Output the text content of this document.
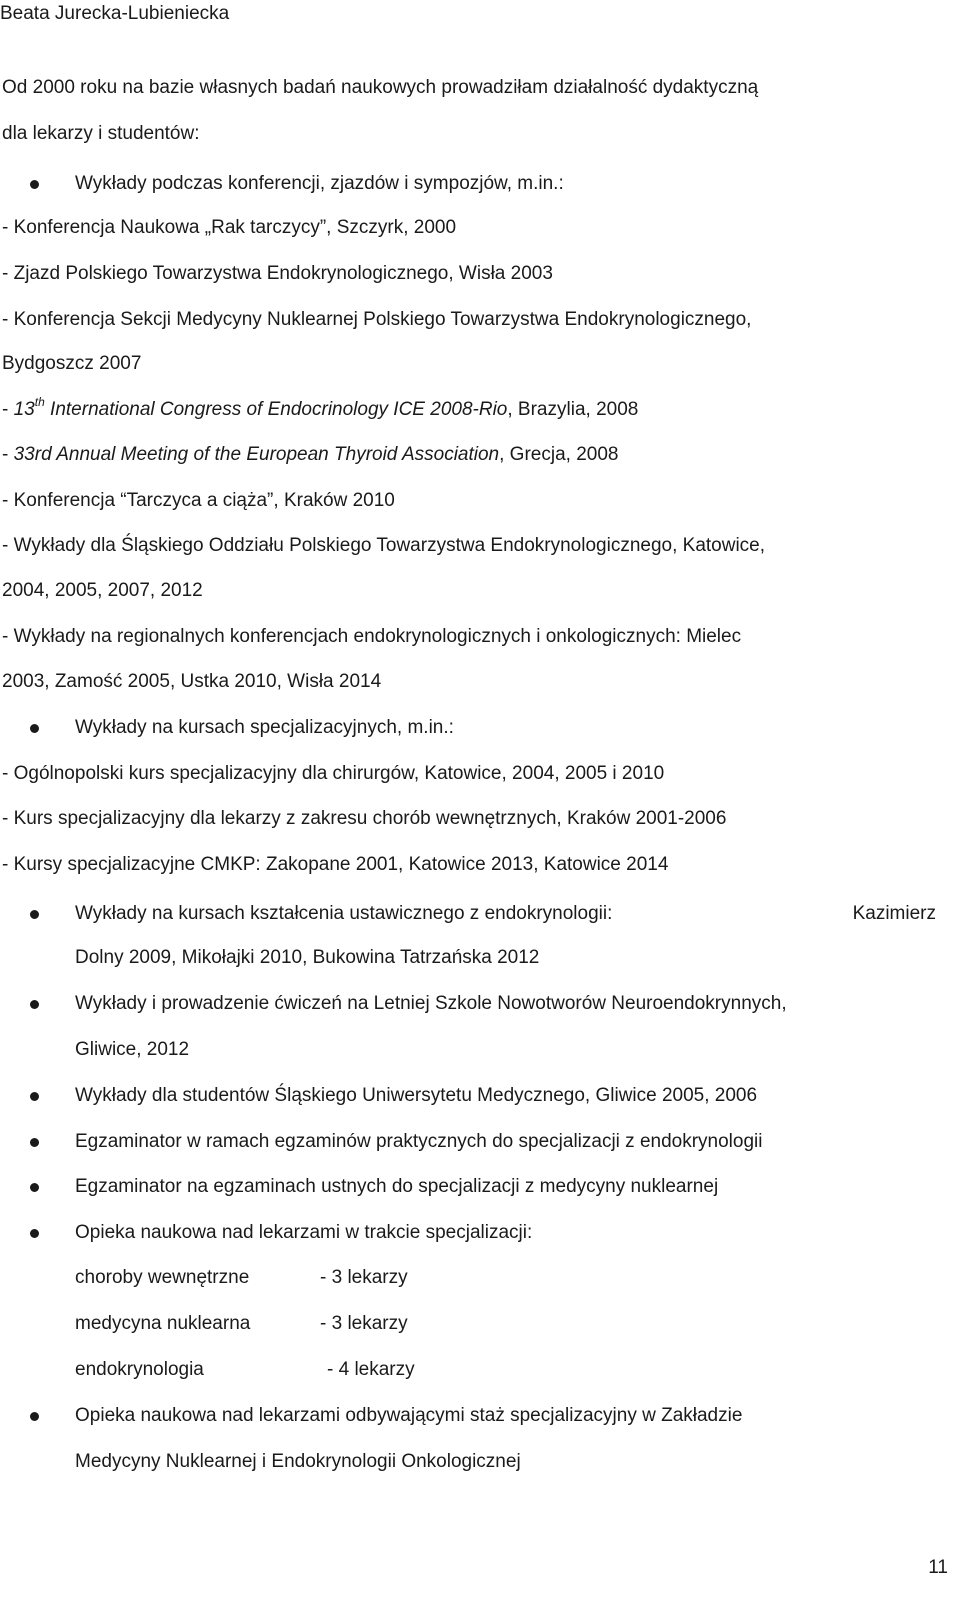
Beata Jurecka-Lubieniecka
Od 2000 roku na bazie własnych badań naukowych prowadziłam działalność dydaktyczną
dla lekarzy i studentów:
Wykłady podczas konferencji, zjazdów i sympozjów, m.in.:
- Konferencja Naukowa „Rak tarczycy”, Szczyrk, 2000
- Zjazd Polskiego Towarzystwa Endokrynologicznego, Wisła 2003
- Konferencja Sekcji Medycyny Nuklearnej Polskiego Towarzystwa Endokrynologicznego,
Bydgoszcz 2007
- 13th International Congress of Endocrinology ICE 2008-Rio, Brazylia, 2008
- 33rd Annual Meeting of the European Thyroid Association, Grecja, 2008
- Konferencja “Tarczyca a ciąża”, Kraków 2010
- Wykłady dla Śląskiego Oddziału Polskiego Towarzystwa Endokrynologicznego, Katowice,
2004, 2005, 2007, 2012
- Wykłady na regionalnych konferencjach endokrynologicznych i onkologicznych: Mielec
2003, Zamość 2005, Ustka 2010, Wisła 2014
Wykłady na kursach specjalizacyjnych, m.in.:
- Ogólnopolski kurs specjalizacyjny dla chirurgów, Katowice, 2004, 2005 i 2010
- Kurs specjalizacyjny dla lekarzy z zakresu chorób wewnętrznych, Kraków 2001-2006
- Kursy specjalizacyjne CMKP: Zakopane 2001, Katowice 2013, Katowice 2014
Wykłady na kursach kształcenia ustawicznego z endokrynologii:	Kazimierz
Dolny 2009, Mikołajki 2010, Bukowina Tatrzańska 2012
Wykłady i prowadzenie ćwiczeń na Letniej Szkole Nowotworów Neuroendokrynnych,
Gliwice, 2012
Wykłady dla studentów Śląskiego Uniwersytetu Medycznego, Gliwice 2005, 2006
Egzaminator w ramach egzaminów praktycznych do specjalizacji z endokrynologii
Egzaminator na egzaminach ustnych do specjalizacji z medycyny nuklearnej
Opieka naukowa nad lekarzami w trakcie specjalizacji:
choroby wewnętrzne	- 3 lekarzy
medycyna nuklearna	- 3 lekarzy
endokrynologia	- 4 lekarzy
Opieka naukowa nad lekarzami odbywającymi staż specjalizacyjny w Zakładzie
Medycyny Nuklearnej i Endokrynologii Onkologicznej
11
